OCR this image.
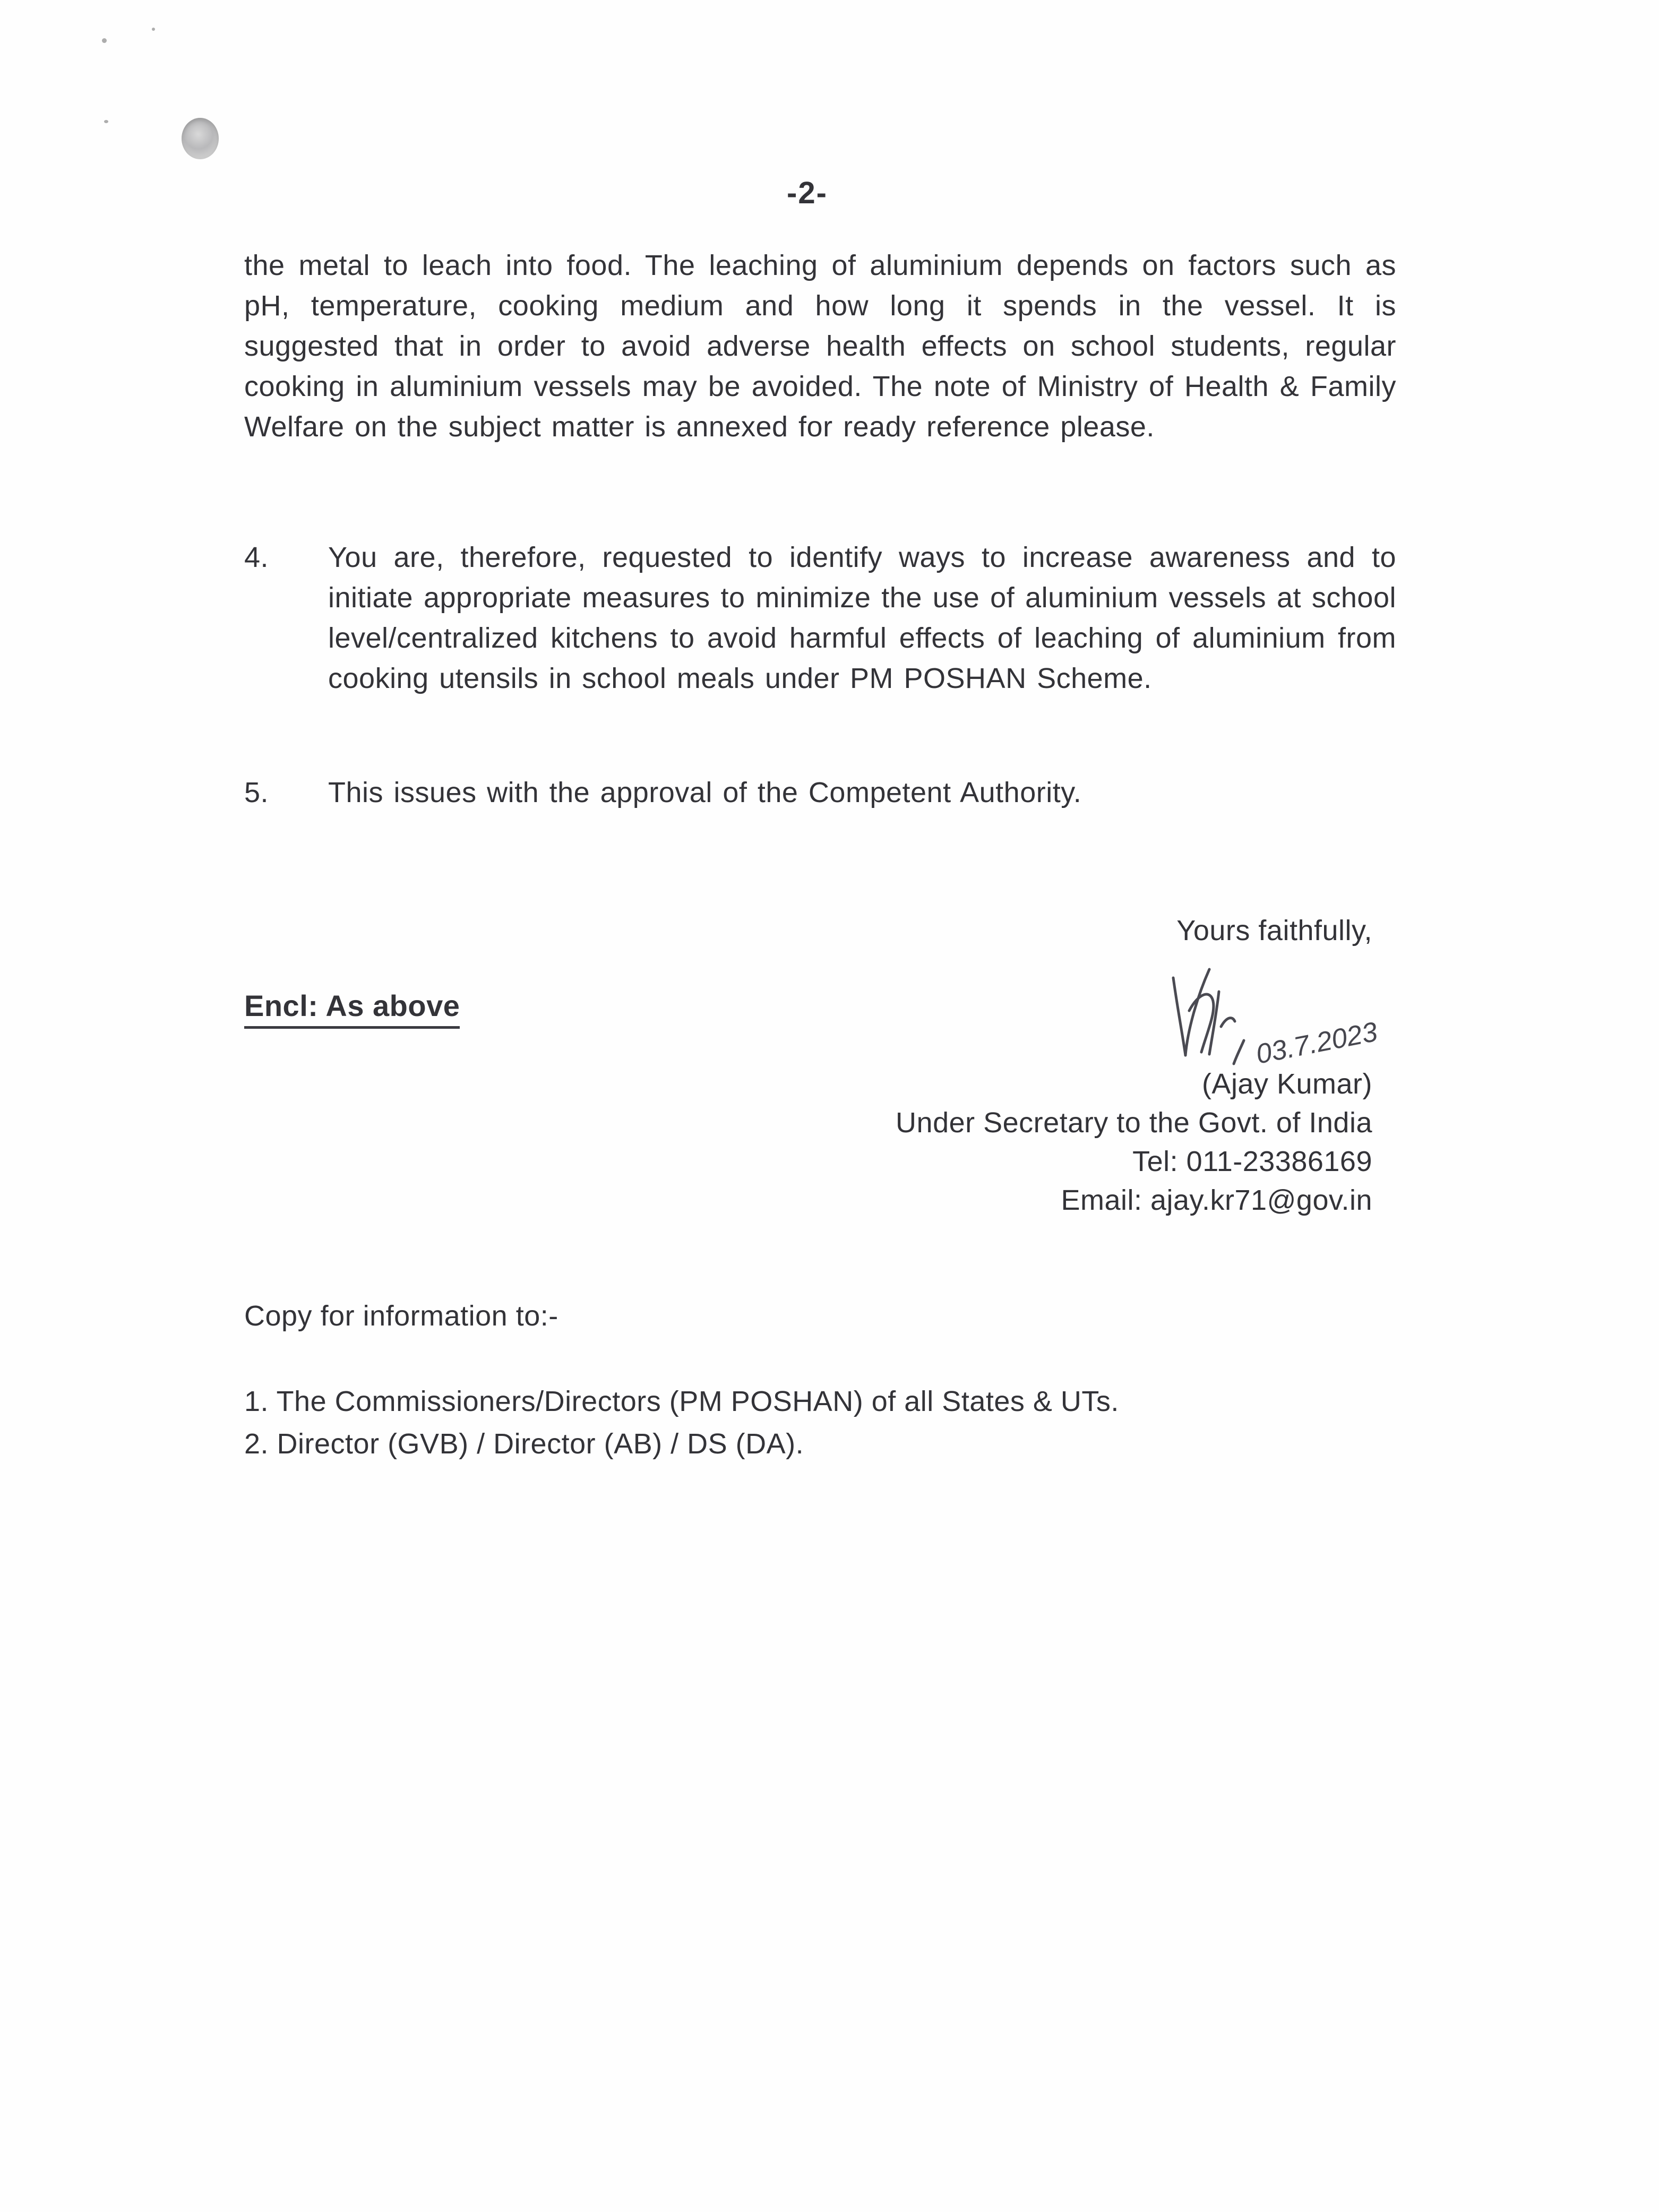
-2-
the metal to leach into food. The leaching of aluminium depends on factors such as pH, temperature, cooking medium and how long it spends in the vessel. It is suggested that in order to avoid adverse health effects on school students, regular cooking in aluminium vessels may be avoided. The note of Ministry of Health & Family Welfare on the subject matter is annexed for ready reference please.
4.	You are, therefore, requested to identify ways to increase awareness and to initiate appropriate measures to minimize the use of aluminium vessels at school level/centralized kitchens to avoid harmful effects of leaching of aluminium from cooking utensils in school meals under PM POSHAN Scheme.
5.	This issues with the approval of the Competent Authority.
Yours faithfully,
03.7.2023
Encl: As above
(Ajay Kumar)
Under Secretary to the Govt. of India
Tel: 011-23386169
Email: ajay.kr71@gov.in
Copy for information to:-
1. The Commissioners/Directors (PM POSHAN) of all States & UTs.
2. Director (GVB) / Director (AB) / DS (DA).
